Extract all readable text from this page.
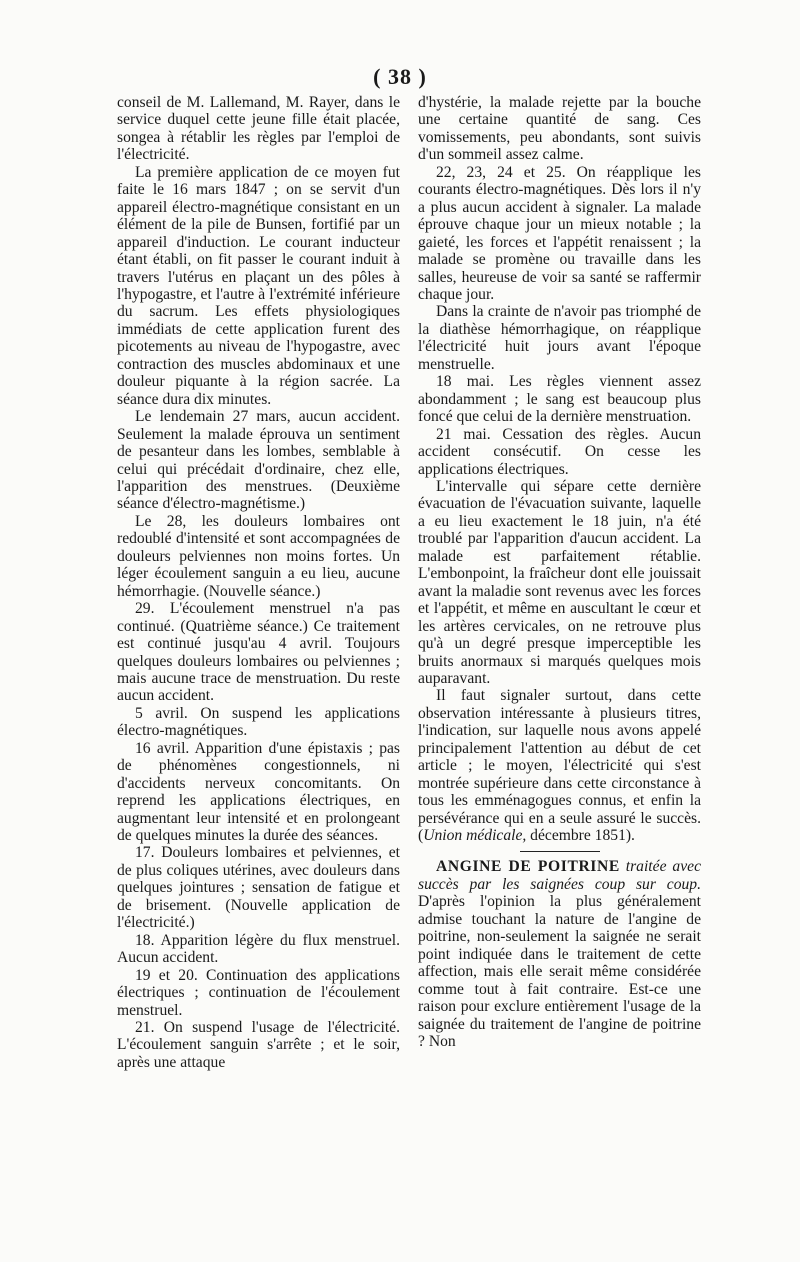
( 38 )

conseil de M. Lallemand, M. Rayer, dans le service duquel cette jeune fille était placée, songea à rétablir les règles par l'emploi de l'électricité.

La première application de ce moyen fut faite le 16 mars 1847 ; on se servit d'un appareil électro-magnétique consistant en un élément de la pile de Bunsen, fortifié par un appareil d'induction. Le courant inducteur étant établi, on fit passer le courant induit à travers l'utérus en plaçant un des pôles à l'hypogastre, et l'autre à l'extrémité inférieure du sacrum. Les effets physiologiques immédiats de cette application furent des picotements au niveau de l'hypogastre, avec contraction des muscles abdominaux et une douleur piquante à la région sacrée. La séance dura dix minutes.

Le lendemain 27 mars, aucun accident. Seulement la malade éprouva un sentiment de pesanteur dans les lombes, semblable à celui qui précédait d'ordinaire, chez elle, l'apparition des menstrues. (Deuxième séance d'électro-magnétisme.)

Le 28, les douleurs lombaires ont redoublé d'intensité et sont accompagnées de douleurs pelviennes non moins fortes. Un léger écoulement sanguin a eu lieu, aucune hémorrhagie. (Nouvelle séance.)

29. L'écoulement menstruel n'a pas continué. (Quatrième séance.) Ce traitement est continué jusqu'au 4 avril. Toujours quelques douleurs lombaires ou pelviennes ; mais aucune trace de menstruation. Du reste aucun accident.

5 avril. On suspend les applications électro-magnétiques.

16 avril. Apparition d'une épistaxis ; pas de phénomènes congestionnels, ni d'accidents nerveux concomitants. On reprend les applications électriques, en augmentant leur intensité et en prolongeant de quelques minutes la durée des séances.

17. Douleurs lombaires et pelviennes, et de plus coliques utérines, avec douleurs dans quelques jointures ; sensation de fatigue et de brisement. (Nouvelle application de l'électricité.)

18. Apparition légère du flux menstruel. Aucun accident.

19 et 20. Continuation des applications électriques ; continuation de l'écoulement menstruel.

21. On suspend l'usage de l'électricité. L'écoulement sanguin s'arrête ; et le soir, après une attaque

d'hystérie, la malade rejette par la bouche une certaine quantité de sang. Ces vomissements, peu abondants, sont suivis d'un sommeil assez calme.

22, 23, 24 et 25. On réapplique les courants électro-magnétiques. Dès lors il n'y a plus aucun accident à signaler. La malade éprouve chaque jour un mieux notable ; la gaieté, les forces et l'appétit renaissent ; la malade se promène ou travaille dans les salles, heureuse de voir sa santé se raffermir chaque jour.

Dans la crainte de n'avoir pas triomphé de la diathèse hémorrhagique, on réapplique l'électricité huit jours avant l'époque menstruelle.

18 mai. Les règles viennent assez abondamment ; le sang est beaucoup plus foncé que celui de la dernière menstruation.

21 mai. Cessation des règles. Aucun accident consécutif. On cesse les applications électriques.

L'intervalle qui sépare cette dernière évacuation de l'évacuation suivante, laquelle a eu lieu exactement le 18 juin, n'a été troublé par l'apparition d'aucun accident. La malade est parfaitement rétablie. L'embonpoint, la fraîcheur dont elle jouissait avant la maladie sont revenus avec les forces et l'appétit, et même en auscultant le cœur et les artères cervicales, on ne retrouve plus qu'à un degré presque imperceptible les bruits anormaux si marqués quelques mois auparavant.

Il faut signaler surtout, dans cette observation intéressante à plusieurs titres, l'indication, sur laquelle nous avons appelé principalement l'attention au début de cet article ; le moyen, l'électricité qui s'est montrée supérieure dans cette circonstance à tous les emménagogues connus, et enfin la persévérance qui en a seule assuré le succès. (Union médicale, décembre 1851).

ANGINE DE POITRINE traitée avec succès par les saignées coup sur coup. D'après l'opinion la plus généralement admise touchant la nature de l'angine de poitrine, non-seulement la saignée ne serait point indiquée dans le traitement de cette affection, mais elle serait même considérée comme tout à fait contraire. Est-ce une raison pour exclure entièrement l'usage de la saignée du traitement de l'angine de poitrine ? Non
